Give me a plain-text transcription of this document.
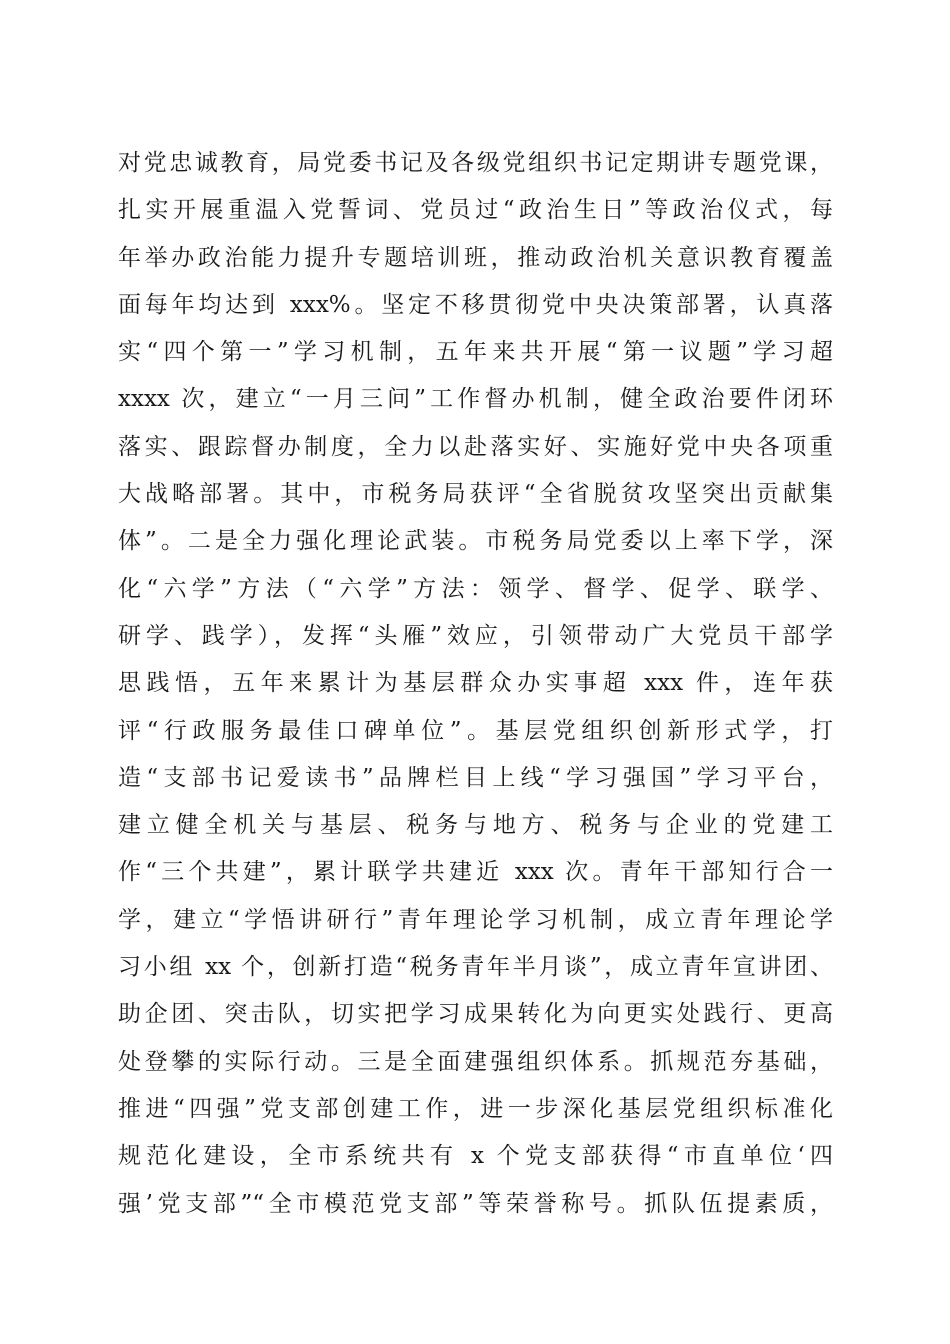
对党忠诚教育，局党委书记及各级党组织书记定期讲专题党课，
扎实开展重温入党誓词、党员过“政治生日”等政治仪式，每
年举办政治能力提升专题培训班，推动政治机关意识教育覆盖
面每年均达到 xxx%。坚定不移贯彻党中央决策部署，认真落
实“四个第一”学习机制，五年来共开展“第一议题”学习超
xxxx 次，建立“一月三问”工作督办机制，健全政治要件闭环
落实、跟踪督办制度，全力以赴落实好、实施好党中央各项重
大战略部署。其中，市税务局获评“全省脱贫攻坚突出贡献集
体”。二是全力强化理论武装。市税务局党委以上率下学，深
化“六学”方法（“六学”方法：领学、督学、促学、联学、
研学、践学），发挥“头雁”效应，引领带动广大党员干部学
思践悟，五年来累计为基层群众办实事超 xxx 件，连年获
评“行政服务最佳口碑单位”。基层党组织创新形式学，打
造“支部书记爱读书”品牌栏目上线“学习强国”学习平台，
建立健全机关与基层、税务与地方、税务与企业的党建工
作“三个共建”，累计联学共建近 xxx 次。青年干部知行合一
学，建立“学悟讲研行”青年理论学习机制，成立青年理论学
习小组 xx 个，创新打造“税务青年半月谈”，成立青年宣讲团、
助企团、突击队，切实把学习成果转化为向更实处践行、更高
处登攀的实际行动。三是全面建强组织体系。抓规范夯基础，
推进“四强”党支部创建工作，进一步深化基层党组织标准化
规范化建设，全市系统共有 x 个党支部获得“市直单位‘四
强’党支部”“全市模范党支部”等荣誉称号。抓队伍提素质，
